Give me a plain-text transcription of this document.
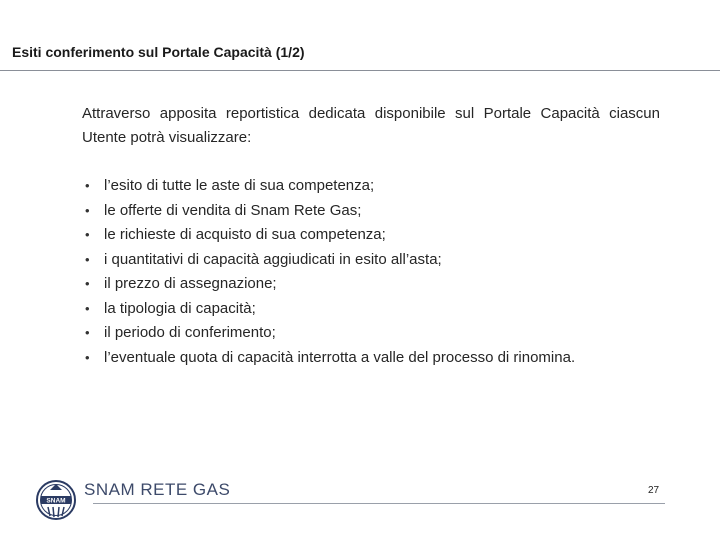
Esiti conferimento sul Portale Capacità (1/2)
Attraverso apposita reportistica dedicata disponibile sul Portale Capacità ciascun Utente potrà visualizzare:
• l’esito di tutte le aste di sua competenza;
• le offerte di vendita di Snam Rete Gas;
• le richieste di acquisto di sua competenza;
• i quantitativi di capacità aggiudicati in esito all’asta;
• il prezzo di assegnazione;
• la tipologia di capacità;
• il periodo di conferimento;
• l’eventuale quota di capacità interrotta a valle del processo di rinomina.
SNAM
SNAM RETE GAS	27
